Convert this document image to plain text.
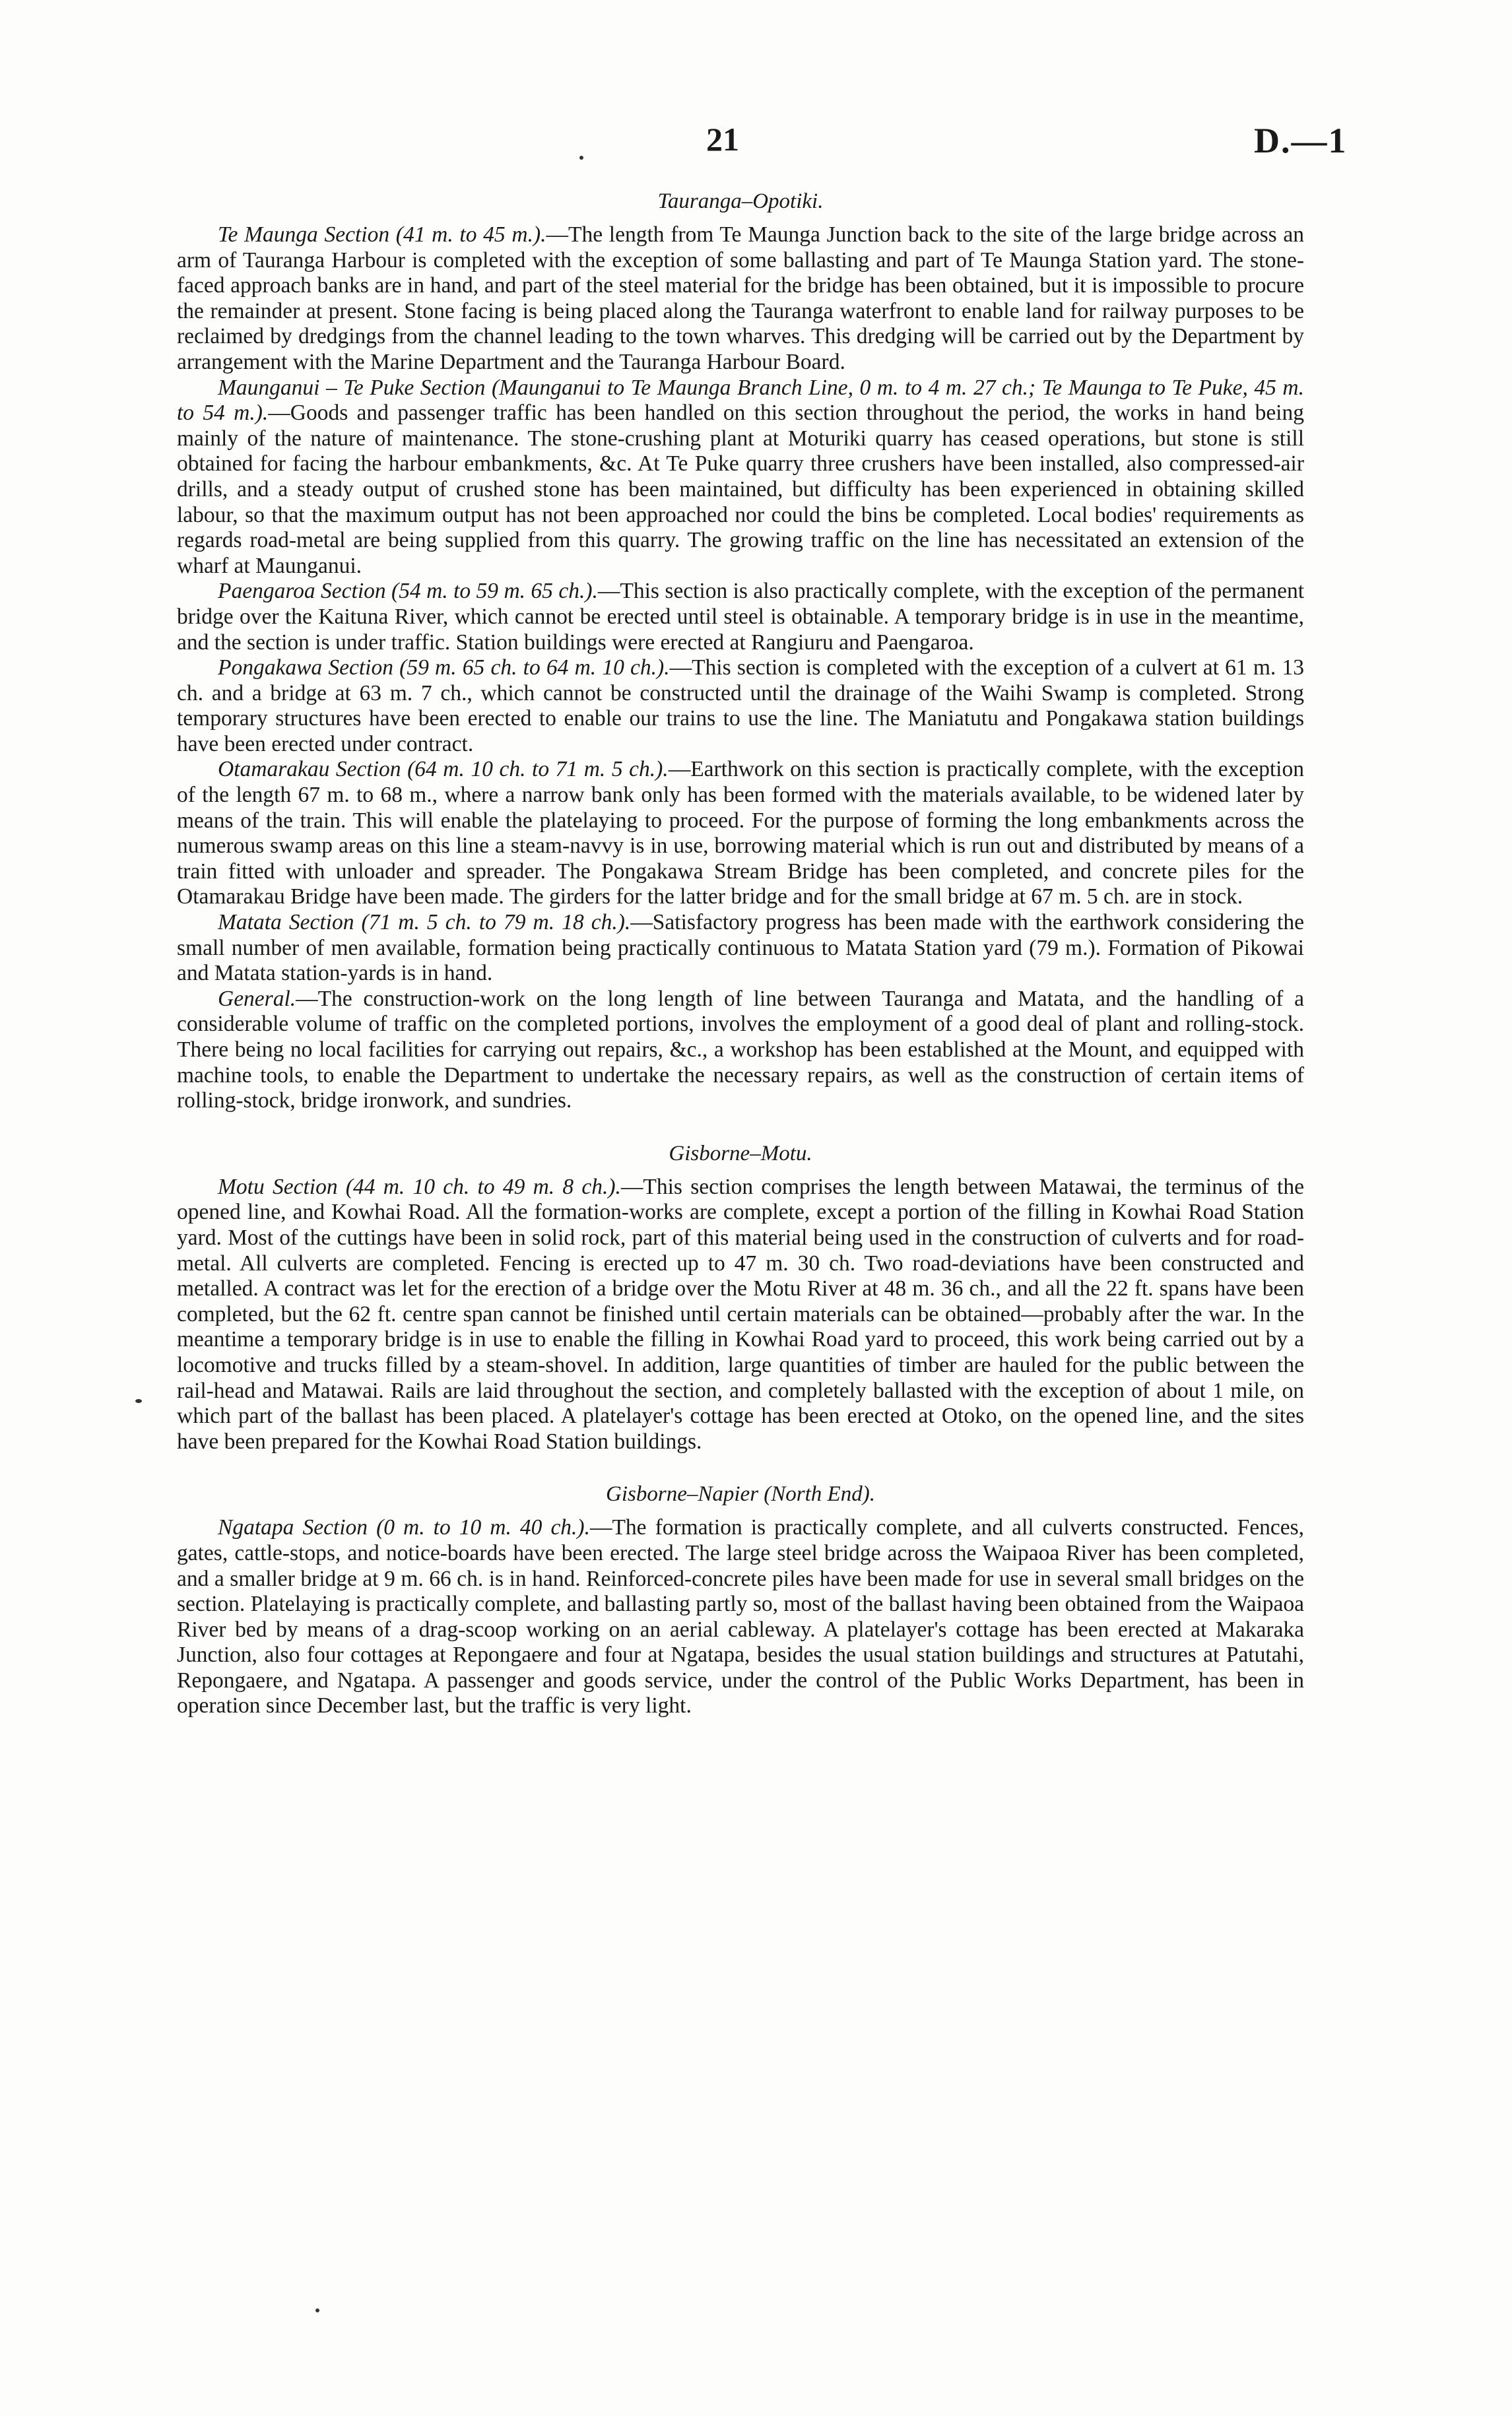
21	D.—1
Tauranga–Opotiki.

Te Maunga Section (41 m. to 45 m.).—The length from Te Maunga Junction back to the site of the large bridge across an arm of Tauranga Harbour is completed with the exception of some ballasting and part of Te Maunga Station yard. The stone-faced approach banks are in hand, and part of the steel material for the bridge has been obtained, but it is impossible to procure the remainder at present. Stone facing is being placed along the Tauranga waterfront to enable land for railway purposes to be reclaimed by dredgings from the channel leading to the town wharves. This dredging will be carried out by the Department by arrangement with the Marine Department and the Tauranga Harbour Board.

Maunganui – Te Puke Section (Maunganui to Te Maunga Branch Line, 0 m. to 4 m. 27 ch.; Te Maunga to Te Puke, 45 m. to 54 m.).—Goods and passenger traffic has been handled on this section throughout the period, the works in hand being mainly of the nature of maintenance. The stone-crushing plant at Moturiki quarry has ceased operations, but stone is still obtained for facing the harbour embankments, &c. At Te Puke quarry three crushers have been installed, also compressed-air drills, and a steady output of crushed stone has been maintained, but difficulty has been experienced in obtaining skilled labour, so that the maximum output has not been approached nor could the bins be completed. Local bodies' requirements as regards road-metal are being supplied from this quarry. The growing traffic on the line has necessitated an extension of the wharf at Maunganui.

Paengaroa Section (54 m. to 59 m. 65 ch.).—This section is also practically complete, with the exception of the permanent bridge over the Kaituna River, which cannot be erected until steel is obtainable. A temporary bridge is in use in the meantime, and the section is under traffic. Station buildings were erected at Rangiuru and Paengaroa.

Pongakawa Section (59 m. 65 ch. to 64 m. 10 ch.).—This section is completed with the exception of a culvert at 61 m. 13 ch. and a bridge at 63 m. 7 ch., which cannot be constructed until the drainage of the Waihi Swamp is completed. Strong temporary structures have been erected to enable our trains to use the line. The Maniatutu and Pongakawa station buildings have been erected under contract.

Otamarakau Section (64 m. 10 ch. to 71 m. 5 ch.).—Earthwork on this section is practically complete, with the exception of the length 67 m. to 68 m., where a narrow bank only has been formed with the materials available, to be widened later by means of the train. This will enable the platelaying to proceed. For the purpose of forming the long embankments across the numerous swamp areas on this line a steam-navvy is in use, borrowing material which is run out and distributed by means of a train fitted with unloader and spreader. The Pongakawa Stream Bridge has been completed, and concrete piles for the Otamarakau Bridge have been made. The girders for the latter bridge and for the small bridge at 67 m. 5 ch. are in stock.

Matata Section (71 m. 5 ch. to 79 m. 18 ch.).—Satisfactory progress has been made with the earthwork considering the small number of men available, formation being practically continuous to Matata Station yard (79 m.). Formation of Pikowai and Matata station-yards is in hand.

General.—The construction-work on the long length of line between Tauranga and Matata, and the handling of a considerable volume of traffic on the completed portions, involves the employment of a good deal of plant and rolling-stock. There being no local facilities for carrying out repairs, &c., a workshop has been established at the Mount, and equipped with machine tools, to enable the Department to undertake the necessary repairs, as well as the construction of certain items of rolling-stock, bridge ironwork, and sundries.

Gisborne–Motu.

Motu Section (44 m. 10 ch. to 49 m. 8 ch.).—This section comprises the length between Matawai, the terminus of the opened line, and Kowhai Road. All the formation-works are complete, except a portion of the filling in Kowhai Road Station yard. Most of the cuttings have been in solid rock, part of this material being used in the construction of culverts and for road-metal. All culverts are completed. Fencing is erected up to 47 m. 30 ch. Two road-deviations have been constructed and metalled. A contract was let for the erection of a bridge over the Motu River at 48 m. 36 ch., and all the 22 ft. spans have been completed, but the 62 ft. centre span cannot be finished until certain materials can be obtained—probably after the war. In the meantime a temporary bridge is in use to enable the filling in Kowhai Road yard to proceed, this work being carried out by a locomotive and trucks filled by a steam-shovel. In addition, large quantities of timber are hauled for the public between the rail-head and Matawai. Rails are laid throughout the section, and completely ballasted with the exception of about 1 mile, on which part of the ballast has been placed. A platelayer's cottage has been erected at Otoko, on the opened line, and the sites have been prepared for the Kowhai Road Station buildings.

Gisborne–Napier (North End).

Ngatapa Section (0 m. to 10 m. 40 ch.).—The formation is practically complete, and all culverts constructed. Fences, gates, cattle-stops, and notice-boards have been erected. The large steel bridge across the Waipaoa River has been completed, and a smaller bridge at 9 m. 66 ch. is in hand. Reinforced-concrete piles have been made for use in several small bridges on the section. Platelaying is practically complete, and ballasting partly so, most of the ballast having been obtained from the Waipaoa River bed by means of a drag-scoop working on an aerial cableway. A platelayer's cottage has been erected at Makaraka Junction, also four cottages at Repongaere and four at Ngatapa, besides the usual station buildings and structures at Patutahi, Repongaere, and Ngatapa. A passenger and goods service, under the control of the Public Works Department, has been in operation since December last, but the traffic is very light.
